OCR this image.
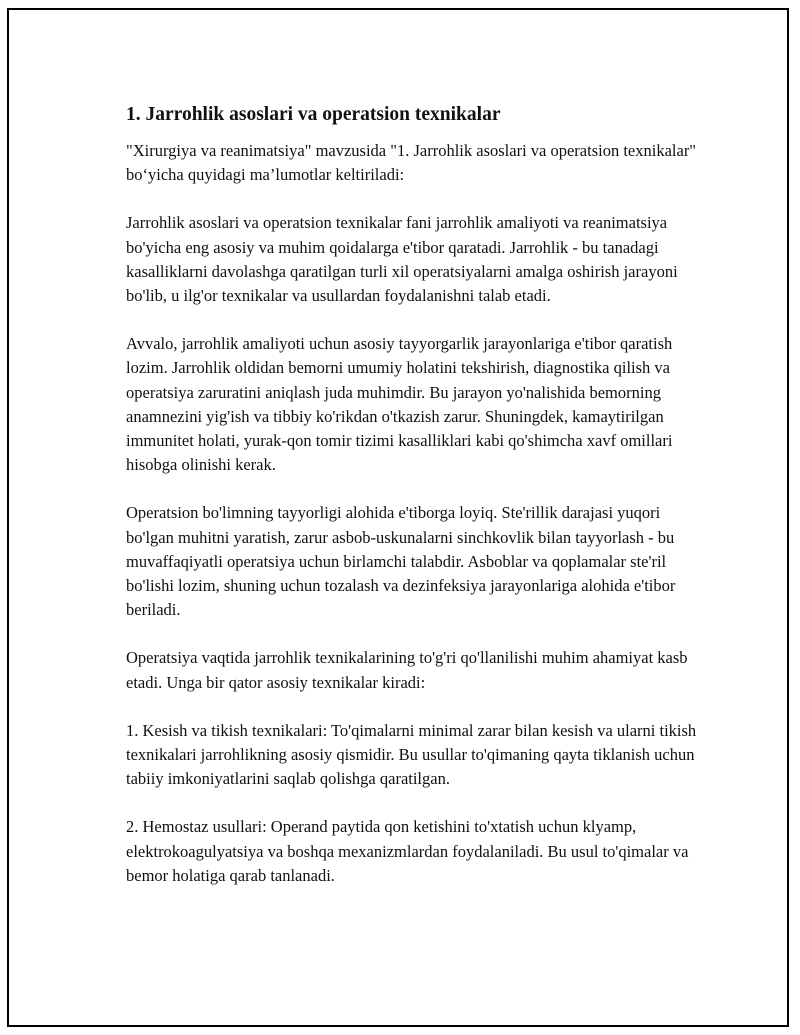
1. Jarrohlik asoslari va operatsion texnikalar

"Xirurgiya va reanimatsiya" mavzusida "1. Jarrohlik asoslari va operatsion texnikalar" bo‘yicha quyidagi ma’lumotlar keltiriladi:

Jarrohlik asoslari va operatsion texnikalar fani jarrohlik amaliyoti va reanimatsiya bo'yicha eng asosiy va muhim qoidalarga e'tibor qaratadi. Jarrohlik - bu tanadagi kasalliklarni davolashga qaratilgan turli xil operatsiyalarni amalga oshirish jarayoni bo'lib, u ilg'or texnikalar va usullardan foydalanishni talab etadi.

Avvalo, jarrohlik amaliyoti uchun asosiy tayyorgarlik jarayonlariga e'tibor qaratish lozim. Jarrohlik oldidan bemorni umumiy holatini tekshirish, diagnostika qilish va operatsiya zaruratini aniqlash juda muhimdir. Bu jarayon yo'nalishida bemorning anamnezini yig'ish va tibbiy ko'rikdan o'tkazish zarur. Shuningdek, kamaytirilgan immunitet holati, yurak-qon tomir tizimi kasalliklari kabi qo'shimcha xavf omillari hisobga olinishi kerak.

Operatsion bo'limning tayyorligi alohida e'tiborga loyiq. Ste'rillik darajasi yuqori bo'lgan muhitni yaratish, zarur asbob-uskunalarni sinchkovlik bilan tayyorlash - bu muvaffaqiyatli operatsiya uchun birlamchi talabdir. Asboblar va qoplamalar ste'ril bo'lishi lozim, shuning uchun tozalash va dezinfeksiya jarayonlariga alohida e'tibor beriladi.

Operatsiya vaqtida jarrohlik texnikalarining to'g'ri qo'llanilishi muhim ahamiyat kasb etadi. Unga bir qator asosiy texnikalar kiradi:

1. Kesish va tikish texnikalari: To'qimalarni minimal zarar bilan kesish va ularni tikish texnikalari jarrohlikning asosiy qismidir. Bu usullar to'qimaning qayta tiklanish uchun tabiiy imkoniyatlarini saqlab qolishga qaratilgan.

2. Hemostaz usullari: Operand paytida qon ketishini to'xtatish uchun klyamp, elektrokoagulyatsiya va boshqa mexanizmlardan foydalaniladi. Bu usul to'qimalar va bemor holatiga qarab tanlanadi.
